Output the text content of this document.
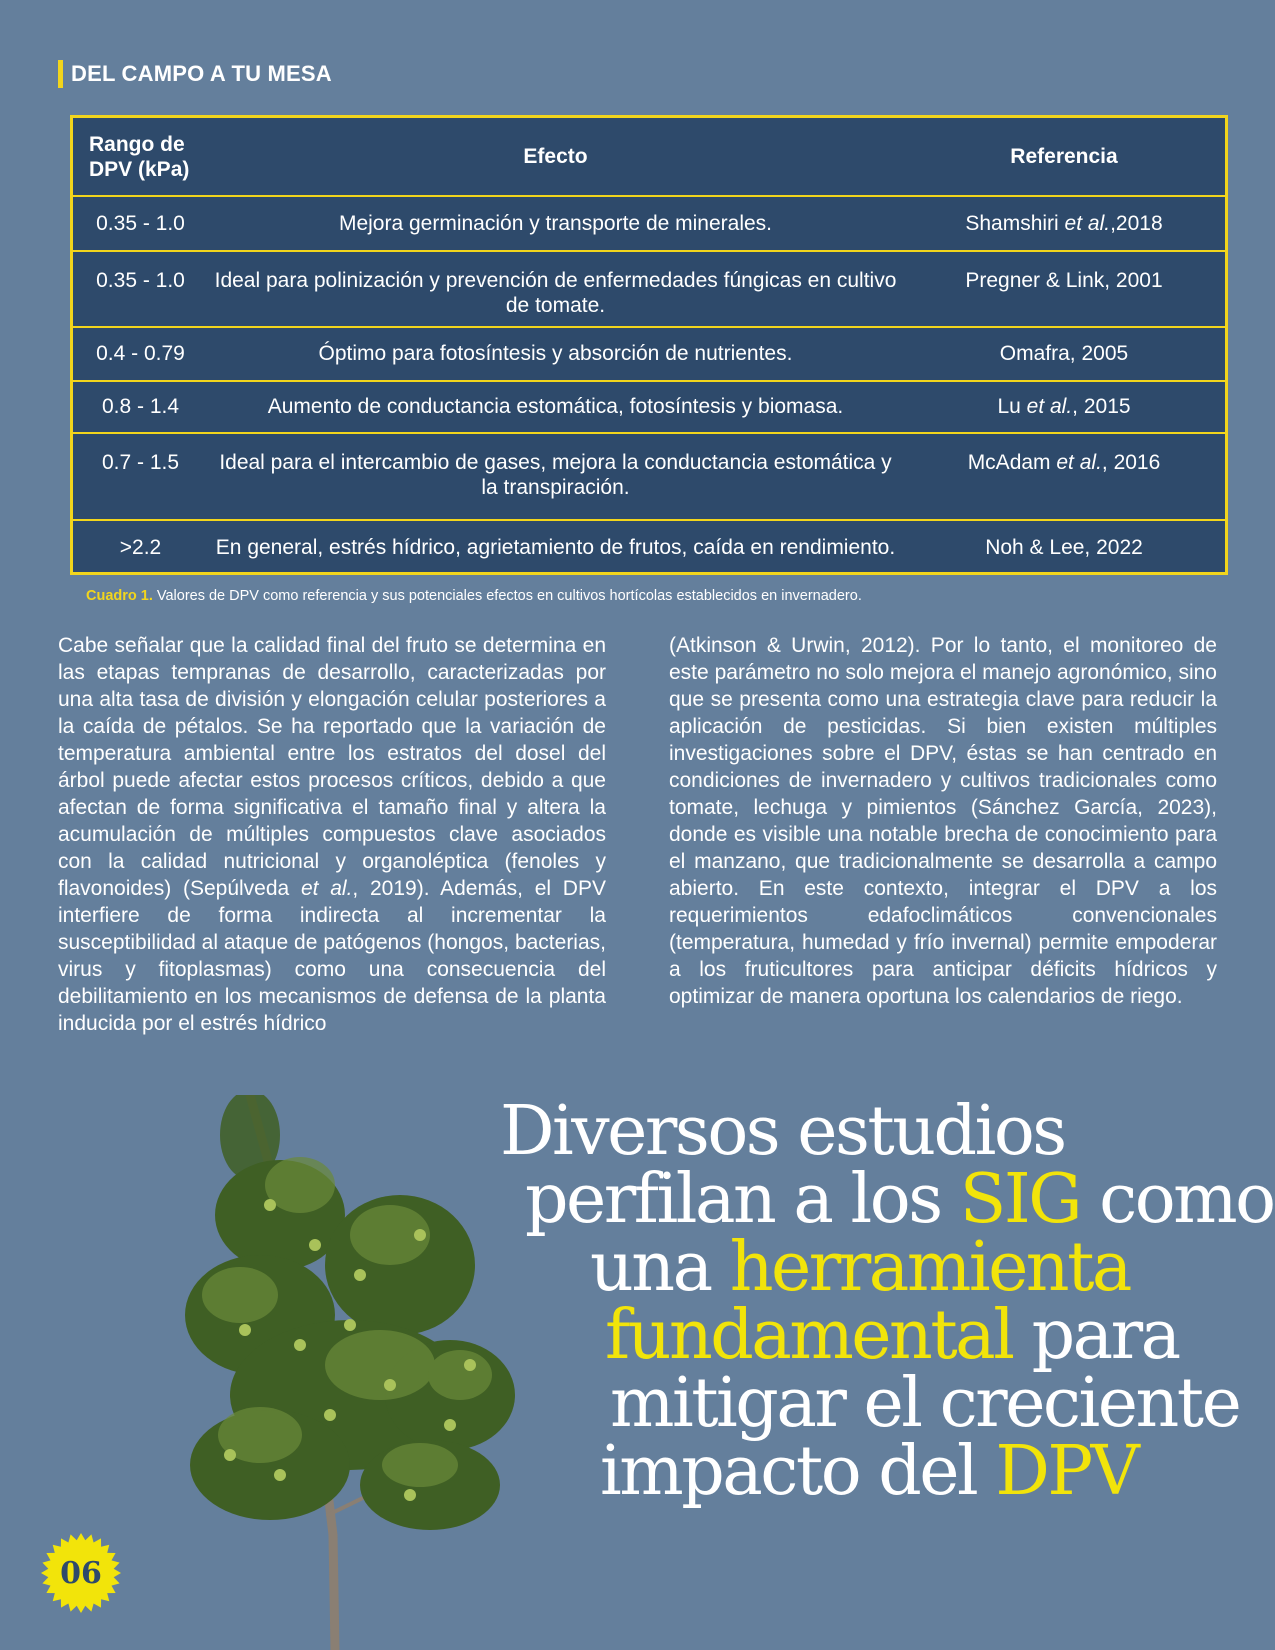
DEL CAMPO A TU MESA
Rango de DPV (kPa)	Efecto	Referencia
0.35 - 1.0	Mejora germinación y transporte de minerales.	Shamshiri et al.,2018
0.35 - 1.0	Ideal para polinización y prevención de enfermedades fúngicas en cultivo de tomate.	Pregner & Link, 2001
0.4 - 0.79	Óptimo para fotosíntesis y absorción de nutrientes.	Omafra, 2005
0.8 - 1.4	Aumento de conductancia estomática, fotosíntesis y biomasa.	Lu et al., 2015
0.7 - 1.5	Ideal para el intercambio de gases, mejora la conductancia estomática y la transpiración.	McAdam et al., 2016
>2.2	En general, estrés hídrico, agrietamiento de frutos, caída en rendimiento.	Noh & Lee, 2022
Cuadro 1. Valores de DPV como referencia y sus potenciales efectos en cultivos hortícolas establecidos en invernadero.
Cabe señalar que la calidad final del fruto se determina en las etapas tempranas de desarrollo, caracterizadas por una alta tasa de división y elongación celular posteriores a la caída de pétalos. Se ha reportado que la variación de temperatura ambiental entre los estratos del dosel del árbol puede afectar estos procesos críticos, debido a que afectan de forma significativa el tamaño final y altera la acumulación de múltiples compuestos clave asociados con la calidad nutricional y organoléptica (fenoles y flavonoides) (Sepúlveda et al., 2019). Además, el DPV interfiere de forma indirecta al incrementar la susceptibilidad al ataque de patógenos (hongos, bacterias, virus y fitoplasmas) como una consecuencia del debilitamiento en los mecanismos de defensa de la planta inducida por el estrés hídrico
(Atkinson & Urwin, 2012). Por lo tanto, el monitoreo de este parámetro no solo mejora el manejo agronómico, sino que se presenta como una estrategia clave para reducir la aplicación de pesticidas. Si bien existen múltiples investigaciones sobre el DPV, éstas se han centrado en condiciones de invernadero y cultivos tradicionales como tomate, lechuga y pimientos (Sánchez García, 2023), donde es visible una notable brecha de conocimiento para el manzano, que tradicionalmente se desarrolla a campo abierto. En este contexto, integrar el DPV a los requerimientos edafoclimáticos convencionales (temperatura, humedad y frío invernal) permite empoderar a los fruticultores para anticipar déficits hídricos y optimizar de manera oportuna los calendarios de riego.
Diversos estudios
perfilan a los SIG como
una herramienta
fundamental para
mitigar el creciente
impacto del DPV
06
